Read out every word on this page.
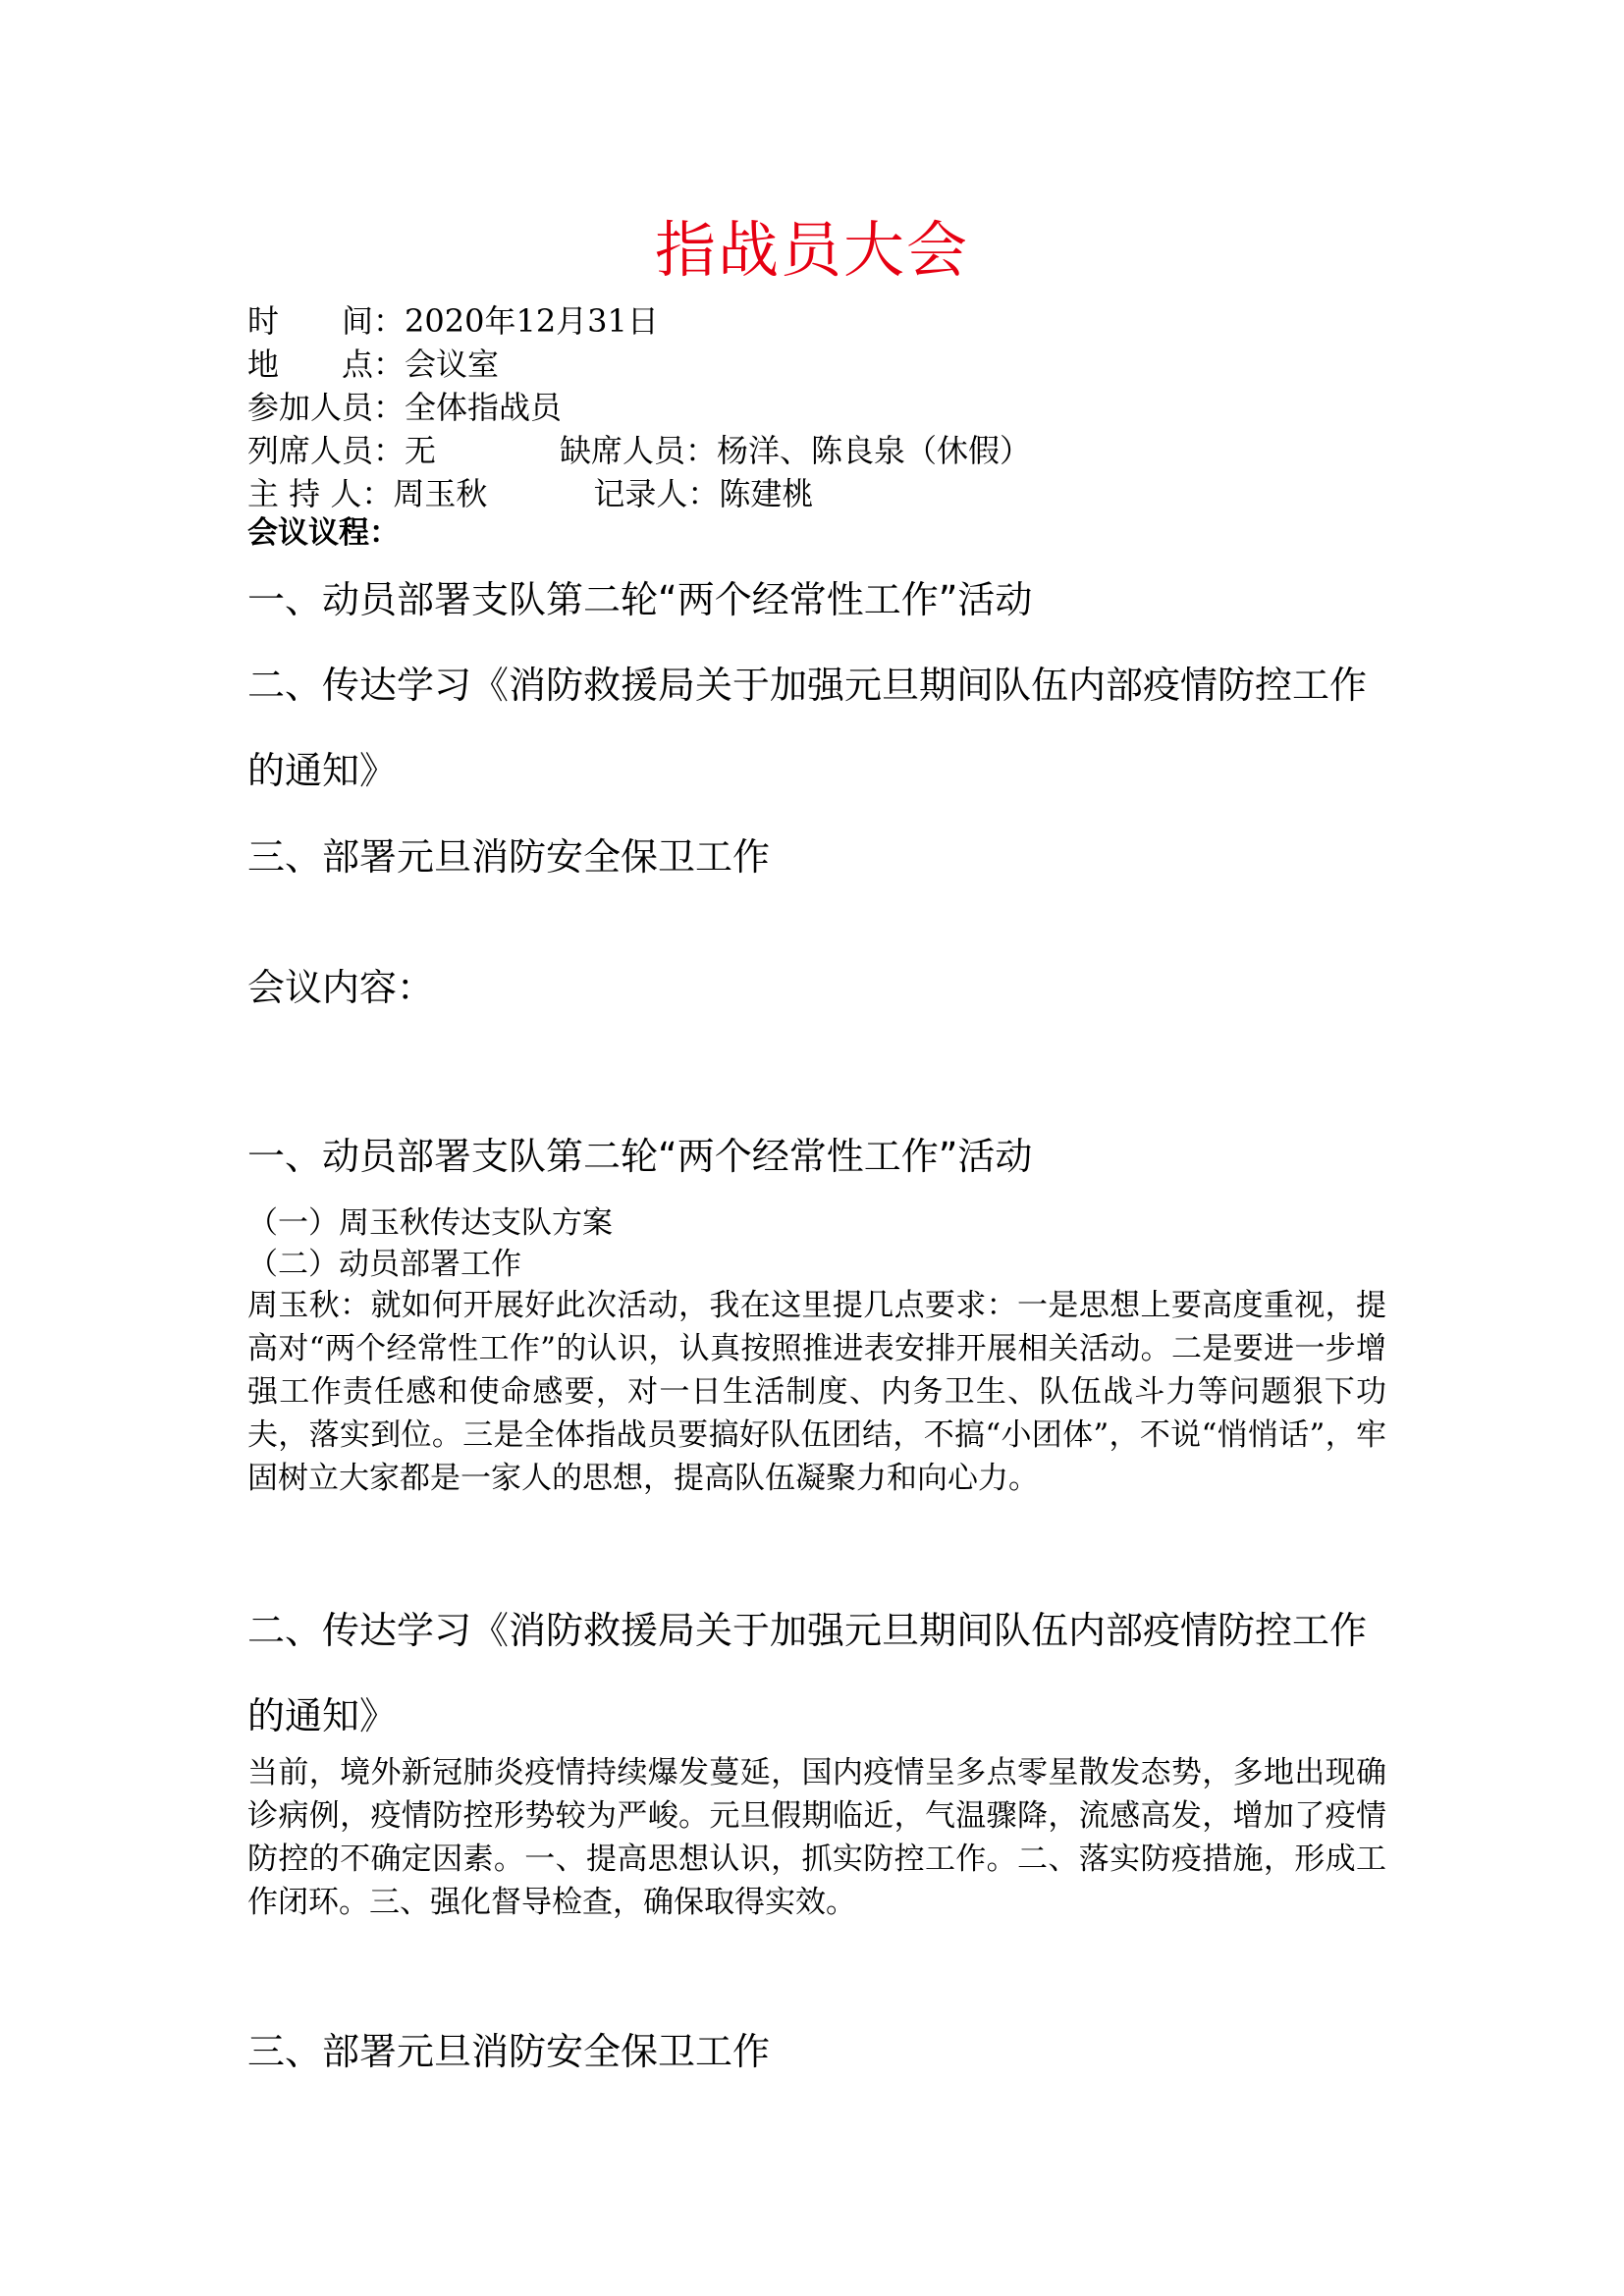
指战员大会
时　　间：2020年12月31日
地　　点：会议室
参加人员：全体指战员
列席人员：无	缺席人员：杨洋、陈良泉（休假）
主 持 人：周玉秋	记录人：陈建桃
会议议程：
一、动员部署支队第二轮“两个经常性工作”活动
二、传达学习《消防救援局关于加强元旦期间队伍内部疫情防控工作
的通知》
三、部署元旦消防安全保卫工作
会议内容：
一、动员部署支队第二轮“两个经常性工作”活动
（一）周玉秋传达支队方案
（二）动员部署工作
周玉秋：就如何开展好此次活动，我在这里提几点要求：一是思想上要高度重视，提高对“两个经常性工作”的认识，认真按照推进表安排开展相关活动。二是要进一步增强工作责任感和使命感要，对一日生活制度、内务卫生、队伍战斗力等问题狠下功夫，落实到位。三是全体指战员要搞好队伍团结，不搞“小团体”，不说“悄悄话”，牢固树立大家都是一家人的思想，提高队伍凝聚力和向心力。
二、传达学习《消防救援局关于加强元旦期间队伍内部疫情防控工作
的通知》
当前，境外新冠肺炎疫情持续爆发蔓延，国内疫情呈多点零星散发态势，多地出现确诊病例，疫情防控形势较为严峻。元旦假期临近，气温骤降，流感高发，增加了疫情防控的不确定因素。一、提高思想认识，抓实防控工作。二、落实防疫措施，形成工作闭环。三、强化督导检查，确保取得实效。
三、部署元旦消防安全保卫工作
